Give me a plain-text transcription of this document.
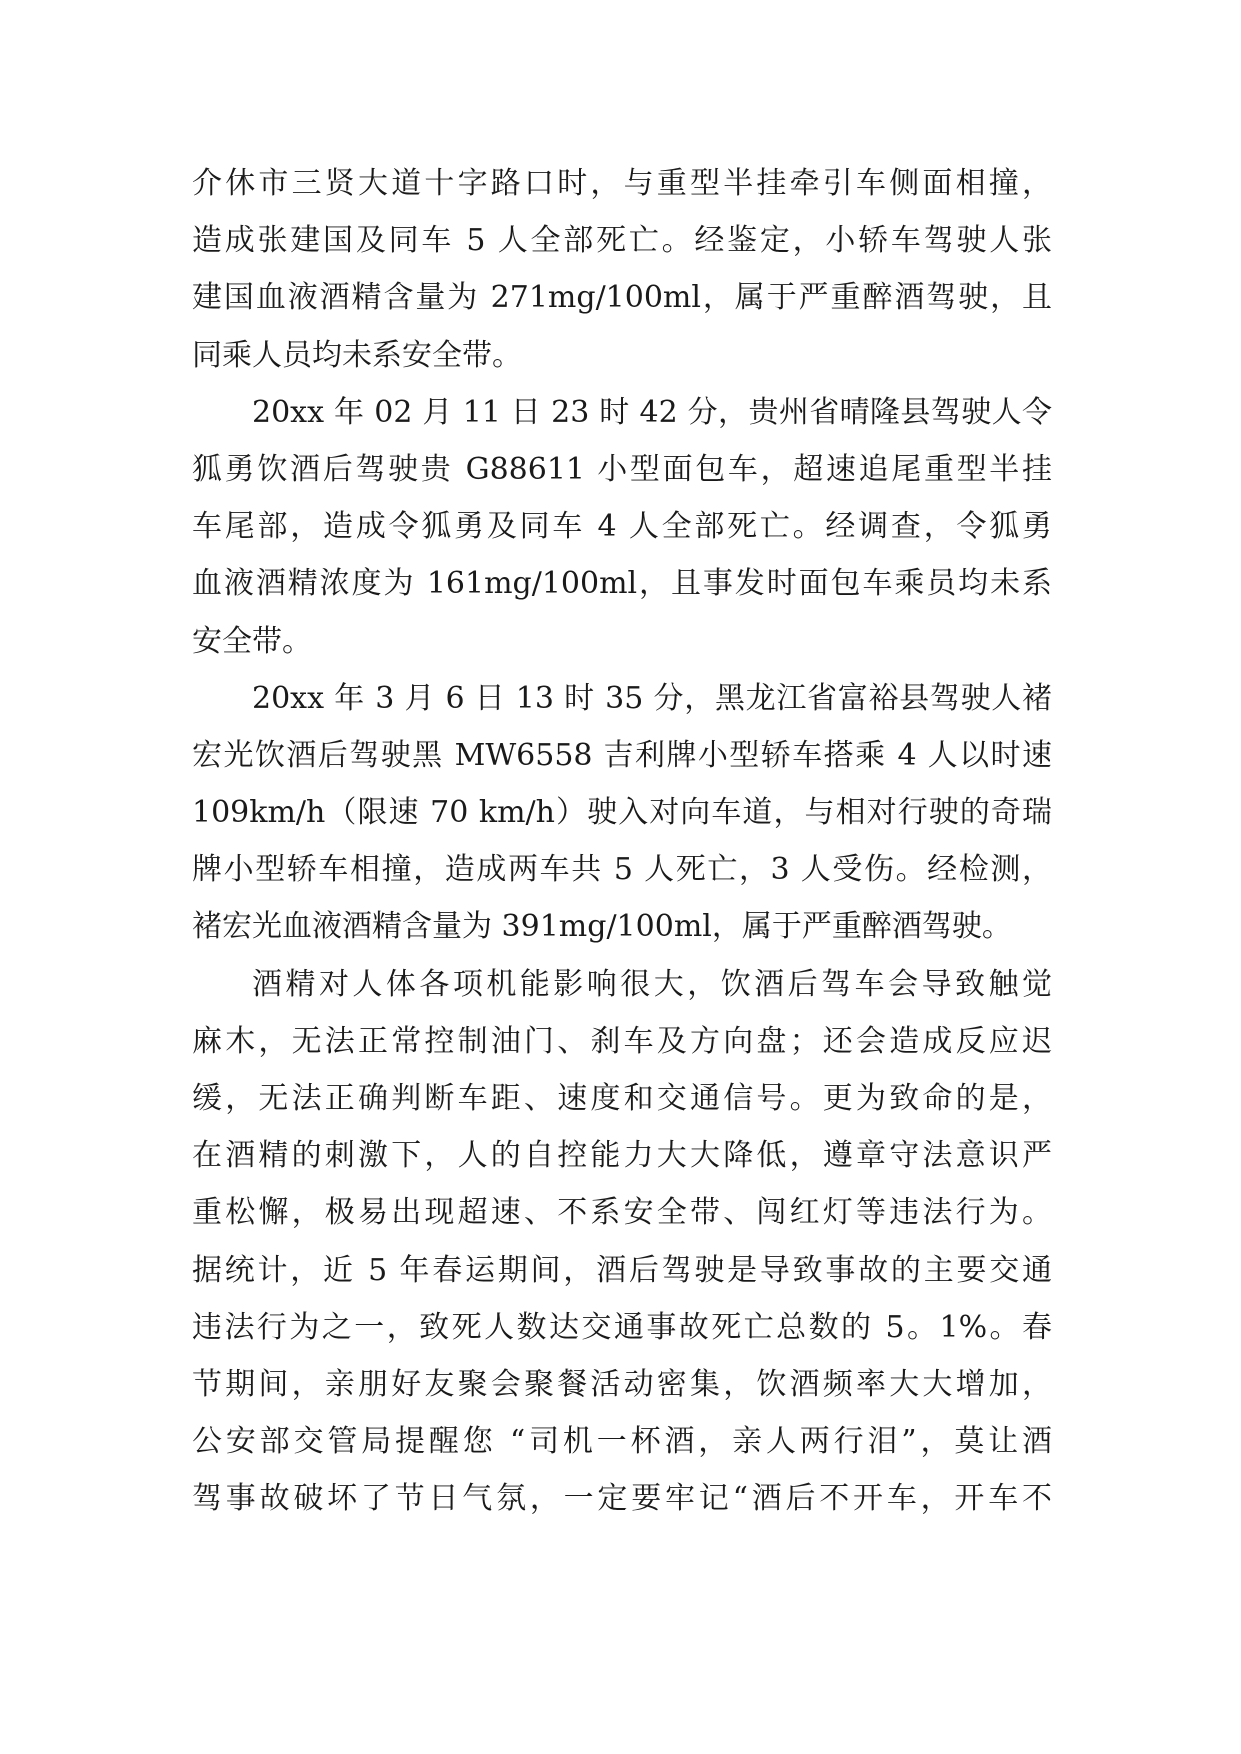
介休市三贤大道十字路口时，与重型半挂牵引车侧面相撞，
造成张建国及同车 5 人全部死亡。经鉴定，小轿车驾驶人张
建国血液酒精含量为 271mg/100ml，属于严重醉酒驾驶，且
同乘人员均未系安全带。
20xx 年 02 月 11 日 23 时 42 分，贵州省晴隆县驾驶人令
狐勇饮酒后驾驶贵 G88611 小型面包车，超速追尾重型半挂
车尾部，造成令狐勇及同车 4 人全部死亡。经调查，令狐勇
血液酒精浓度为 161mg/100ml，且事发时面包车乘员均未系
安全带。
20xx 年 3 月 6 日 13 时 35 分，黑龙江省富裕县驾驶人褚
宏光饮酒后驾驶黑 MW6558 吉利牌小型轿车搭乘 4 人以时速
109km/h（限速 70 km/h）驶入对向车道，与相对行驶的奇瑞
牌小型轿车相撞，造成两车共 5 人死亡，3 人受伤。经检测，
褚宏光血液酒精含量为 391mg/100ml，属于严重醉酒驾驶。
酒精对人体各项机能影响很大，饮酒后驾车会导致触觉
麻木，无法正常控制油门、刹车及方向盘；还会造成反应迟
缓，无法正确判断车距、速度和交通信号。更为致命的是，
在酒精的刺激下，人的自控能力大大降低，遵章守法意识严
重松懈，极易出现超速、不系安全带、闯红灯等违法行为。
据统计，近 5 年春运期间，酒后驾驶是导致事故的主要交通
违法行为之一，致死人数达交通事故死亡总数的 5。1%。春
节期间，亲朋好友聚会聚餐活动密集，饮酒频率大大增加，
公安部交管局提醒您 “司机一杯酒，亲人两行泪”，莫让酒
驾事故破坏了节日气氛，一定要牢记“酒后不开车，开车不
